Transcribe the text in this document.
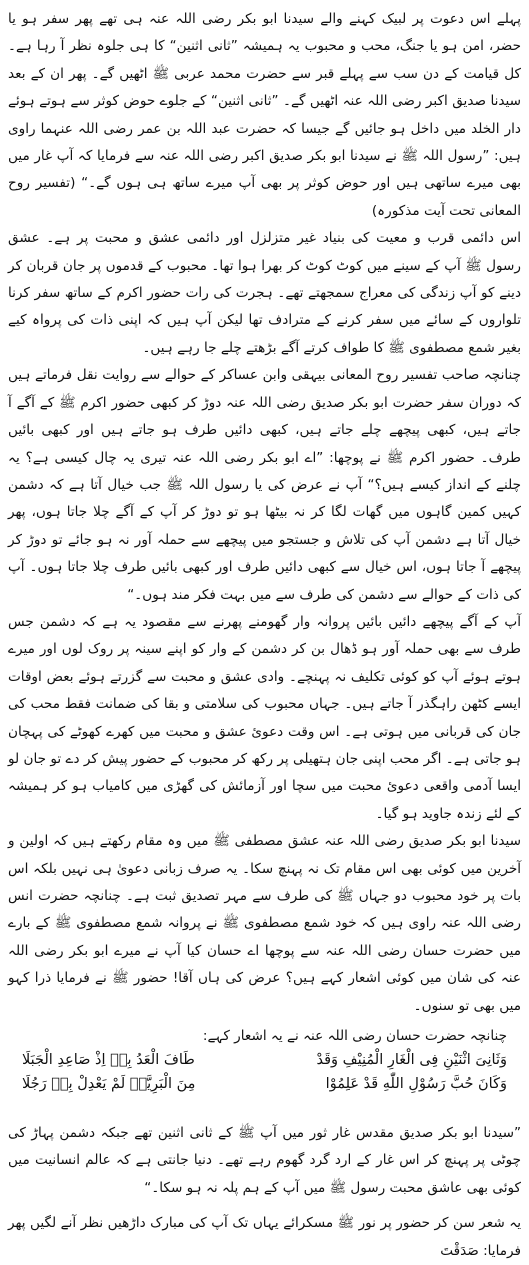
پہلے اس دعوت پر لبیک کہنے والے سیدنا ابو بکر رضی اللہ عنہ ہی تھے پھر سفر ہو یا حضر، امن ہو یا جنگ، محب و محبوب یہ ہمیشہ ”ثانی اثنین“ کا ہی جلوہ نظر آ رہا ہے۔ کل قیامت کے دن سب سے پہلے قبر سے حضرت محمد عربی ﷺ اٹھیں گے۔ پھر ان کے بعد سیدنا صدیق اکبر رضی اللہ عنہ اٹھیں گے۔ ”ثانی اثنین“ کے جلوے حوض کوثر سے ہوتے ہوئے دار الخلد میں داخل ہو جائیں گے جیسا کہ حضرت عبد اللہ بن عمر رضی اللہ عنہما راوی ہیں: ”رسول اللہ ﷺ نے سیدنا ابو بکر صدیق اکبر رضی اللہ عنہ سے فرمایا کہ آپ غار میں بھی میرے ساتھی ہیں اور حوض کوثر پر بھی آپ میرے ساتھ ہی ہوں گے۔“ (تفسیر روح المعانی تحت آیت مذکورہ)

اس دائمی قرب و معیت کی بنیاد غیر متزلزل اور دائمی عشق و محبت پر ہے۔ عشق رسول ﷺ آپ کے سینے میں کوٹ کوٹ کر بھرا ہوا تھا۔ محبوب کے قدموں پر جان قربان کر دینے کو آپ زندگی کی معراج سمجھتے تھے۔ ہجرت کی رات حضور اکرم کے ساتھ سفر کرنا تلواروں کے سائے میں سفر کرنے کے مترادف تھا لیکن آپ ہیں کہ اپنی ذات کی پرواہ کیے بغیر شمع مصطفوی ﷺ کا طواف کرتے آگے بڑھتے چلے جا رہے ہیں۔

چنانچہ صاحب تفسیر روح المعانی بیہقی وابن عساکر کے حوالے سے روایت نقل فرماتے ہیں کہ دوران سفر حضرت ابو بکر صدیق رضی اللہ عنہ دوڑ کر کبھی حضور اکرم ﷺ کے آگے آ جاتے ہیں، کبھی پیچھے چلے جاتے ہیں، کبھی دائیں طرف ہو جاتے ہیں اور کبھی بائیں طرف۔ حضور اکرم ﷺ نے پوچھا: ”اے ابو بکر رضی اللہ عنہ تیری یہ چال کیسی ہے؟ یہ چلنے کے انداز کیسے ہیں؟“ آپ نے عرض کی یا رسول اللہ ﷺ جب خیال آتا ہے کہ دشمن کہیں کمین گاہوں میں گھات لگا کر نہ بیٹھا ہو تو دوڑ کر آپ کے آگے چلا جاتا ہوں، پھر خیال آتا ہے دشمن آپ کی تلاش و جستجو میں پیچھے سے حملہ آور نہ ہو جائے تو دوڑ کر پیچھے آ جاتا ہوں، اس خیال سے کبھی دائیں طرف اور کبھی بائیں طرف چلا جاتا ہوں۔ آپ کی ذات کے حوالے سے دشمن کی طرف سے میں بہت فکر مند ہوں۔“

آپ کے آگے پیچھے دائیں بائیں پروانہ وار گھومنے پھرنے سے مقصود یہ ہے کہ دشمن جس طرف سے بھی حملہ آور ہو ڈھال بن کر دشمن کے وار کو اپنے سینہ پر روک لوں اور میرے ہوتے ہوئے آپ کو کوئی تکلیف نہ پہنچے۔ وادی عشق و محبت سے گزرتے ہوئے بعض اوقات ایسے کٹھن راہگذر آ جاتے ہیں۔ جہاں محبوب کی سلامتی و بقا کی ضمانت فقط محب کی جان کی قربانی میں ہوتی ہے۔ اس وقت دعوئ عشق و محبت میں کھرے کھوٹے کی پہچان ہو جاتی ہے۔ اگر محب اپنی جان ہتھیلی پر رکھ کر محبوب کے حضور پیش کر دے تو جان لو ایسا آدمی واقعی دعوئ محبت میں سچا اور آزمائش کی گھڑی میں کامیاب ہو کر ہمیشہ کے لئے زندہ جاوید ہو گیا۔

سیدنا ابو بکر صدیق رضی اللہ عنہ عشق مصطفی ﷺ میں وہ مقام رکھتے ہیں کہ اولین و آخرین میں کوئی بھی اس مقام تک نہ پہنچ سکا۔ یہ صرف زبانی دعویٰ ہی نہیں بلکہ اس بات پر خود محبوب دو جہاں ﷺ کی طرف سے مہر تصدیق ثبت ہے۔ چنانچہ حضرت انس رضی اللہ عنہ راوی ہیں کہ خود شمع مصطفوی ﷺ نے پروانہ شمع مصطفوی ﷺ کے بارے میں حضرت حسان رضی اللہ عنہ سے پوچھا اے حسان کیا آپ نے میرے ابو بکر رضی اللہ عنہ کی شان میں کوئی اشعار کہے ہیں؟ عرض کی ہاں آقا! حضور ﷺ نے فرمایا ذرا کہو میں بھی تو سنوں۔

چنانچہ حضرت حسان رضی اللہ عنہ نے یہ اشعار کہے:
وَثَانِیَ اثْنَیْنِ فِی الْغَارِ الْمُنِیْفِ وَقَدْ
طَافَ الْعَدُ بِهٖ اِذْ صَاعِدِ الْجَبَلَا
وَکَانَ حُبَّ رَسُوْلِ اللّٰهِ قَدْ عَلِمُوْا
مِنَ الْبَرِیَّۃِ لَمْ یَعْدِلْ بِهٖ رَجُلَا

”سیدنا ابو بکر صدیق مقدس غار ثور میں آپ ﷺ کے ثانی اثنین تھے جبکہ دشمن پہاڑ کی چوٹی پر پہنچ کر اس غار کے ارد گرد گھوم رہے تھے۔ دنیا جانتی ہے کہ عالم انسانیت میں کوئی بھی عاشق محبت رسول ﷺ میں آپ کے ہم پلہ نہ ہو سکا۔“

یہ شعر سن کر حضور پر نور ﷺ مسکرائے یہاں تک آپ کی مبارک داڑھیں نظر آنے لگیں پھر فرمایا: صَدَقْتَ
